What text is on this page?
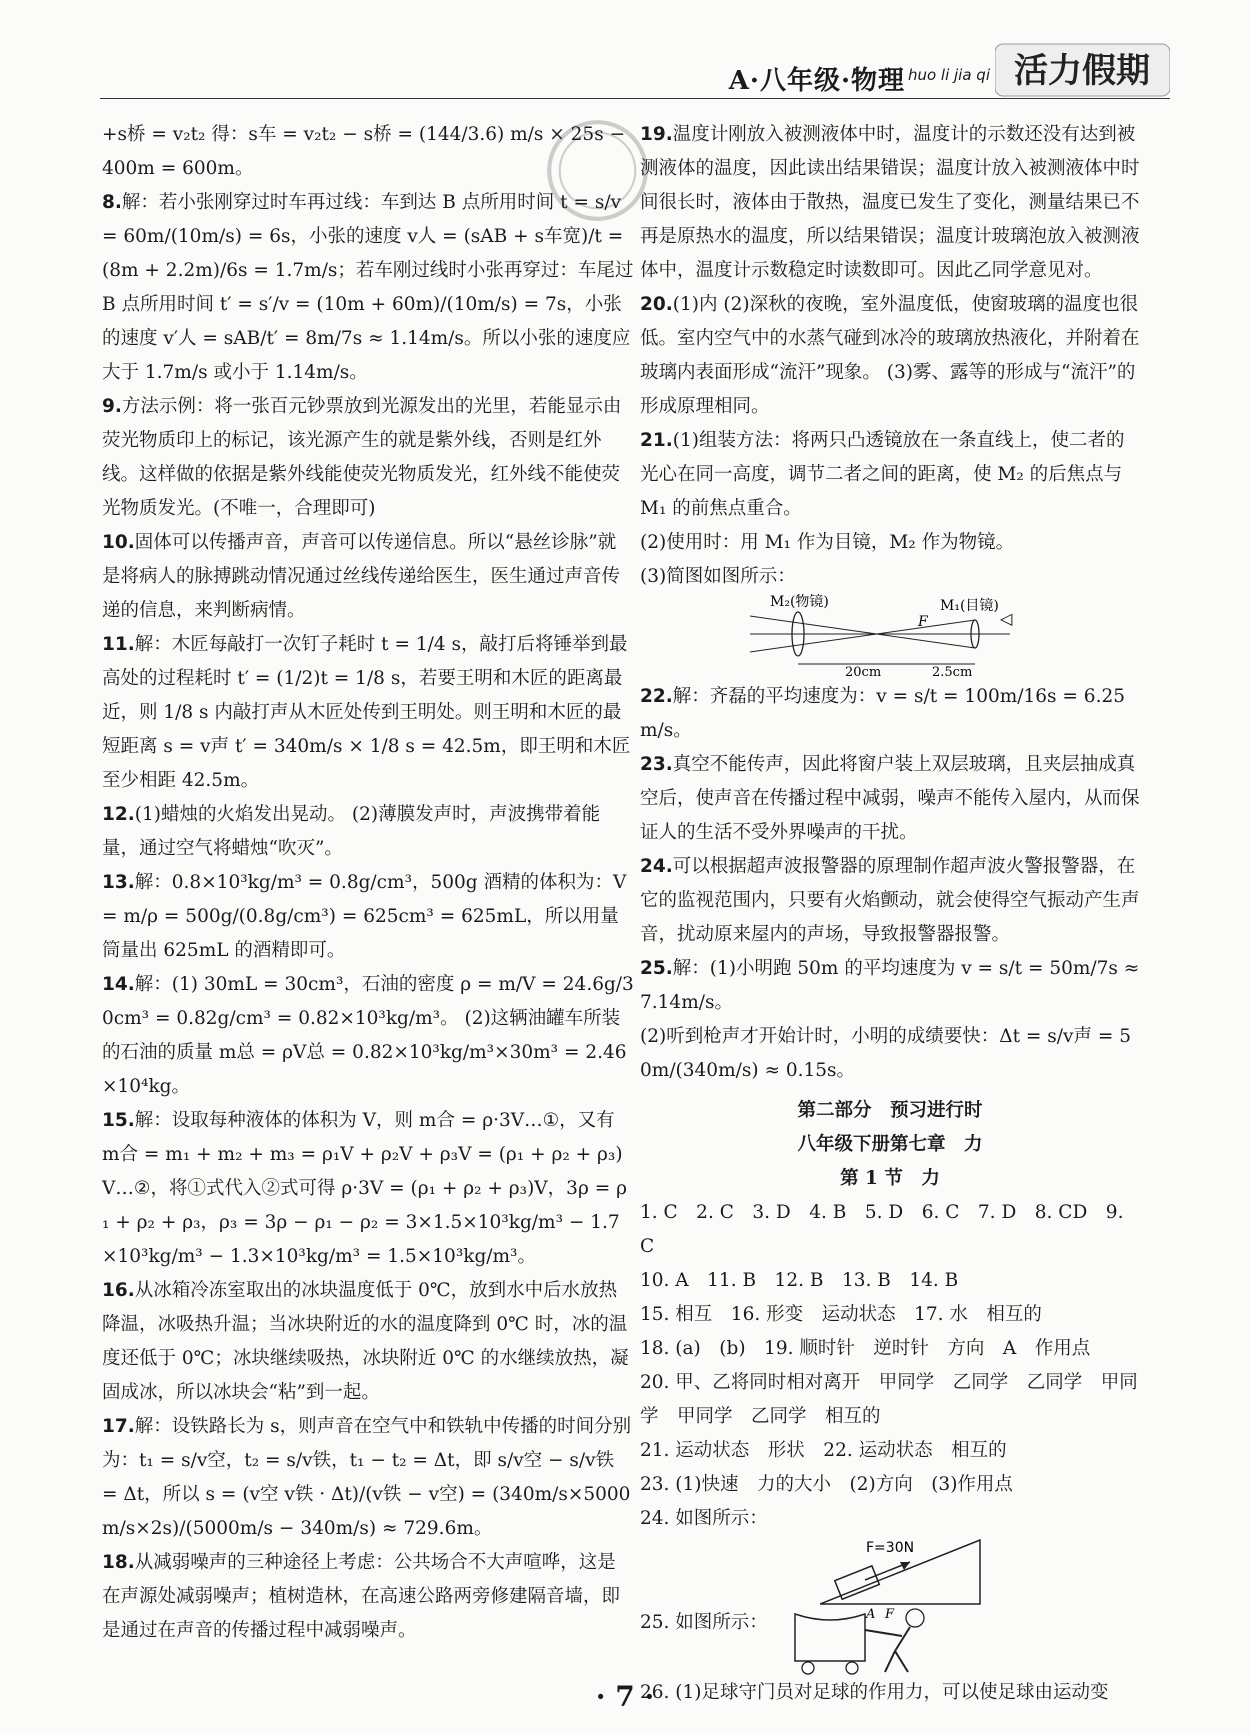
A·八年级·物理 huo li jia qi 活力假期
+s桥 = v₂t₂ 得：s车 = v₂t₂ − s桥 = (144/3.6) m/s × 25s − 400m = 600m。
8.解：若小张刚穿过时车再过线：车到达 B 点所用时间 t = s/v = 60m/(10m/s) = 6s，小张的速度 v人 = (sAB + s车宽)/t = (8m + 2.2m)/6s = 1.7m/s；若车刚过线时小张再穿过：车尾过 B 点所用时间 t′ = s′/v = (10m + 60m)/(10m/s) = 7s，小张的速度 v′人 = sAB/t′ = 8m/7s ≈ 1.14m/s。所以小张的速度应大于 1.7m/s 或小于 1.14m/s。
9.方法示例：将一张百元钞票放到光源发出的光里，若能显示由荧光物质印上的标记，该光源产生的就是紫外线，否则是红外线。这样做的依据是紫外线能使荧光物质发光，红外线不能使荧光物质发光。(不唯一，合理即可)
10.固体可以传播声音，声音可以传递信息。所以“悬丝诊脉”就是将病人的脉搏跳动情况通过丝线传递给医生，医生通过声音传递的信息，来判断病情。
11.解：木匠每敲打一次钉子耗时 t = 1/4 s，敲打后将锤举到最高处的过程耗时 t′ = (1/2)t = 1/8 s，若要王明和木匠的距离最近，则 1/8 s 内敲打声从木匠处传到王明处。则王明和木匠的最短距离 s = v声 t′ = 340m/s × 1/8 s = 42.5m，即王明和木匠至少相距 42.5m。
12.(1)蜡烛的火焰发出晃动。 (2)薄膜发声时，声波携带着能量，通过空气将蜡烛“吹灭”。
13.解：0.8×10³kg/m³ = 0.8g/cm³，500g 酒精的体积为：V = m/ρ = 500g/(0.8g/cm³) = 625cm³ = 625mL，所以用量筒量出 625mL 的酒精即可。
14.解：(1) 30mL = 30cm³，石油的密度 ρ = m/V = 24.6g/30cm³ = 0.82g/cm³ = 0.82×10³kg/m³。 (2)这辆油罐车所装的石油的质量 m总 = ρV总 = 0.82×10³kg/m³×30m³ = 2.46×10⁴kg。
15.解：设取每种液体的体积为 V，则 m合 = ρ·3V…①，又有 m合 = m₁ + m₂ + m₃ = ρ₁V + ρ₂V + ρ₃V = (ρ₁ + ρ₂ + ρ₃)V…②，将①式代入②式可得 ρ·3V = (ρ₁ + ρ₂ + ρ₃)V，3ρ = ρ₁ + ρ₂ + ρ₃，ρ₃ = 3ρ − ρ₁ − ρ₂ = 3×1.5×10³kg/m³ − 1.7×10³kg/m³ − 1.3×10³kg/m³ = 1.5×10³kg/m³。
16.从冰箱冷冻室取出的冰块温度低于 0℃，放到水中后水放热降温，冰吸热升温；当冰块附近的水的温度降到 0℃ 时，冰的温度还低于 0℃；冰块继续吸热，冰块附近 0℃ 的水继续放热，凝固成冰，所以冰块会“粘”到一起。
17.解：设铁路长为 s，则声音在空气中和铁轨中传播的时间分别为：t₁ = s/v空，t₂ = s/v铁，t₁ − t₂ = Δt，即 s/v空 − s/v铁 = Δt，所以 s = (v空 v铁 · Δt)/(v铁 − v空) = (340m/s×5000m/s×2s)/(5000m/s − 340m/s) ≈ 729.6m。
18.从减弱噪声的三种途径上考虑：公共场合不大声喧哗，这是在声源处减弱噪声；植树造林，在高速公路两旁修建隔音墙，即是通过在声音的传播过程中减弱噪声。
19.温度计刚放入被测液体中时，温度计的示数还没有达到被测液体的温度，因此读出结果错误；温度计放入被测液体中时间很长时，液体由于散热，温度已发生了变化，测量结果已不再是原热水的温度，所以结果错误；温度计玻璃泡放入被测液体中，温度计示数稳定时读数即可。因此乙同学意见对。
20.(1)内 (2)深秋的夜晚，室外温度低，使窗玻璃的温度也很低。室内空气中的水蒸气碰到冰冷的玻璃放热液化，并附着在玻璃内表面形成“流汗”现象。 (3)雾、露等的形成与“流汗”的形成原理相同。
21.(1)组装方法：将两只凸透镜放在一条直线上，使二者的光心在同一高度，调节二者之间的距离，使 M₂ 的后焦点与 M₁ 的前焦点重合。
(2)使用时：用 M₁ 作为目镜，M₂ 作为物镜。
(3)简图如图所示：
M₂(物镜)	M₁(目镜)
F
20cm	2.5cm
◁
22.解：齐磊的平均速度为：v = s/t = 100m/16s = 6.25m/s。
23.真空不能传声，因此将窗户装上双层玻璃，且夹层抽成真空后，使声音在传播过程中减弱，噪声不能传入屋内，从而保证人的生活不受外界噪声的干扰。
24.可以根据超声波报警器的原理制作超声波火警报警器，在它的监视范围内，只要有火焰颤动，就会使得空气振动产生声音，扰动原来屋内的声场，导致报警器报警。
25.解：(1)小明跑 50m 的平均速度为 v = s/t = 50m/7s ≈ 7.14m/s。
(2)听到枪声才开始计时，小明的成绩要快：Δt = s/v声 = 50m/(340m/s) ≈ 0.15s。
第二部分　预习进行时
八年级下册第七章　力
第 1 节　力
1. C　2. C　3. D　4. B　5. D　6. C　7. D　8. CD　9. C
10. A　11. B　12. B　13. B　14. B
15. 相互　16. 形变　运动状态　17. 水　相互的
18. (a)　(b)　19. 顺时针　逆时针　方向　A　作用点
20. 甲、乙将同时相对离开　甲同学　乙同学　乙同学　甲同学　甲同学　乙同学　相互的
21. 运动状态　形状　22. 运动状态　相互的
23. (1)快速　力的大小　(2)方向　(3)作用点
24. 如图所示：
F=30N
25. 如图所示：	A F
26. (1)足球守门员对足球的作用力，可以使足球由运动变
· 7 ·
